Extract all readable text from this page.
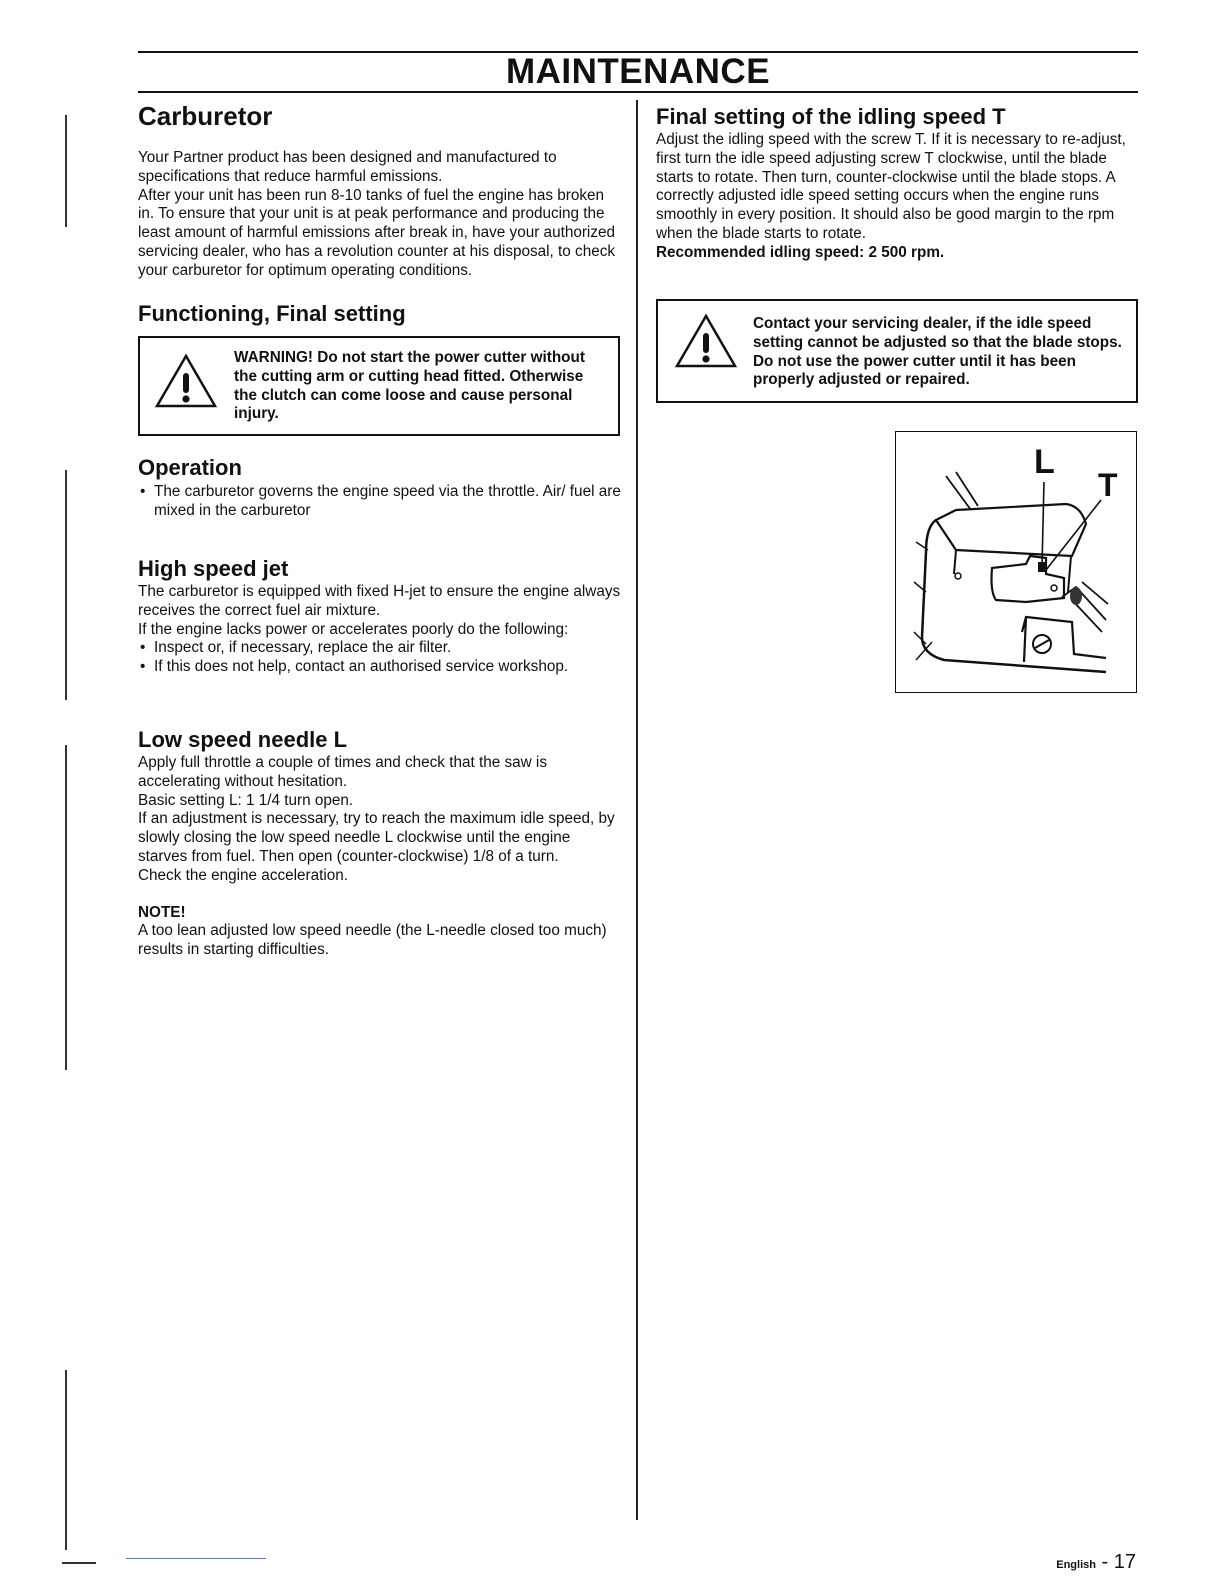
MAINTENANCE
Carburetor

Your Partner product has been designed and manufactured to specifications that reduce harmful emissions.

After your unit has been run 8-10 tanks of fuel the engine has broken in. To ensure that your unit is at peak performance and producing the least amount of harmful emissions after break in, have your authorized servicing dealer, who has a revolution counter at his disposal, to check your carburetor for optimum operating conditions.

Functioning, Final setting
WARNING! Do not start the power cutter without the cutting arm or cutting head fitted. Otherwise the clutch can come loose and cause personal injury.
Operation
• The carburetor governs the engine speed via the throttle. Air/ fuel are mixed in the carburetor
High speed jet

The carburetor is equipped with fixed H-jet to ensure the engine always receives the correct fuel air mixture.

If the engine lacks power or accelerates poorly do the following:

• Inspect or, if necessary, replace the air filter.
• If this does not help, contact an authorised service workshop.
Low speed needle L

Apply full throttle a couple of times and check that the saw is accelerating without hesitation.

Basic setting L: 1 1/4 turn open.

If an adjustment is necessary, try to reach the maximum idle speed, by slowly closing the low speed needle L clockwise until the engine starves from fuel. Then open (counter-clockwise) 1/8 of a turn.

Check the engine acceleration.

NOTE!

A too lean adjusted low speed needle (the L-needle closed too much) results in starting difficulties.

Final setting of the idling speed T

Adjust the idling speed with the screw T. If it is necessary to re-adjust, first turn the idle speed adjusting screw T clockwise, until the blade starts to rotate. Then turn, counter-clockwise until the blade stops. A correctly adjusted idle speed setting occurs when the engine runs smoothly in every position. It should also be good margin to the rpm when the blade starts to rotate.

Recommended idling speed: 2 500 rpm.

Contact your servicing dealer, if the idle speed setting cannot be adjusted so that the blade stops. Do not use the power cutter until it has been properly adjusted or repaired.
L
T
English - 17
